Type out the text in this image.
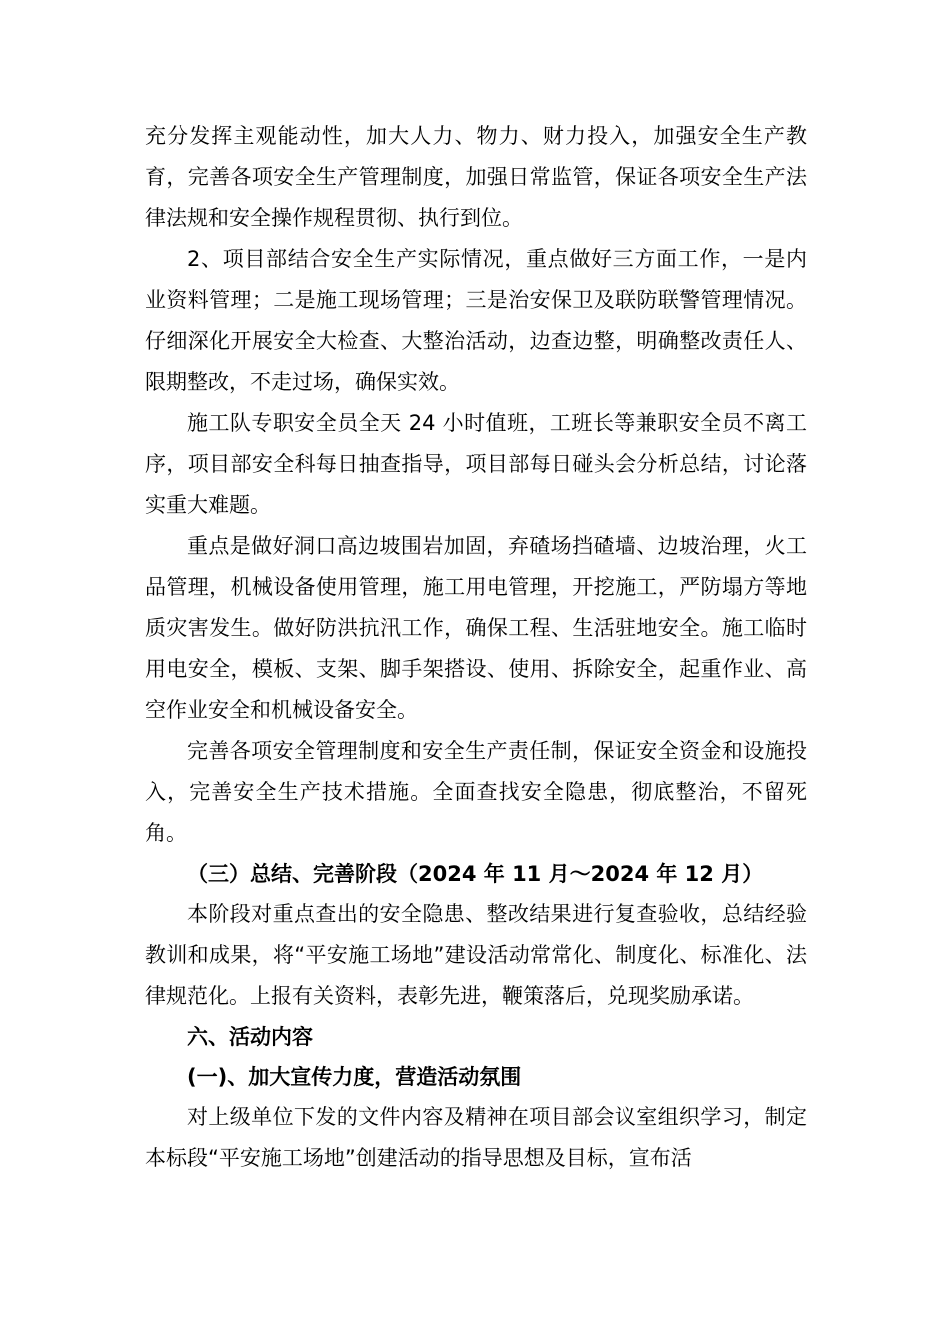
充分发挥主观能动性，加大人力、物力、财力投入，加强安全生产教育，完善各项安全生产管理制度，加强日常监管，保证各项安全生产法律法规和安全操作规程贯彻、执行到位。

2、项目部结合安全生产实际情况，重点做好三方面工作，一是内业资料管理；二是施工现场管理；三是治安保卫及联防联警管理情况。仔细深化开展安全大检查、大整治活动，边查边整，明确整改责任人、限期整改，不走过场，确保实效。

施工队专职安全员全天 24 小时值班，工班长等兼职安全员不离工序，项目部安全科每日抽查指导，项目部每日碰头会分析总结，讨论落实重大难题。

重点是做好洞口高边坡围岩加固，弃碴场挡碴墙、边坡治理，火工品管理，机械设备使用管理，施工用电管理，开挖施工，严防塌方等地质灾害发生。做好防洪抗汛工作，确保工程、生活驻地安全。施工临时用电安全，模板、支架、脚手架搭设、使用、拆除安全，起重作业、高空作业安全和机械设备安全。

完善各项安全管理制度和安全生产责任制，保证安全资金和设施投入，完善安全生产技术措施。全面查找安全隐患，彻底整治，不留死角。

（三）总结、完善阶段（2024 年 11 月～2024 年 12 月）

本阶段对重点查出的安全隐患、整改结果进行复查验收，总结经验教训和成果，将“平安施工场地”建设活动常常化、制度化、标准化、法律规范化。上报有关资料，表彰先进，鞭策落后，兑现奖励承诺。

六、活动内容

(一)、加大宣传力度，营造活动氛围

对上级单位下发的文件内容及精神在项目部会议室组织学习，制定本标段“平安施工场地”创建活动的指导思想及目标，宣布活
